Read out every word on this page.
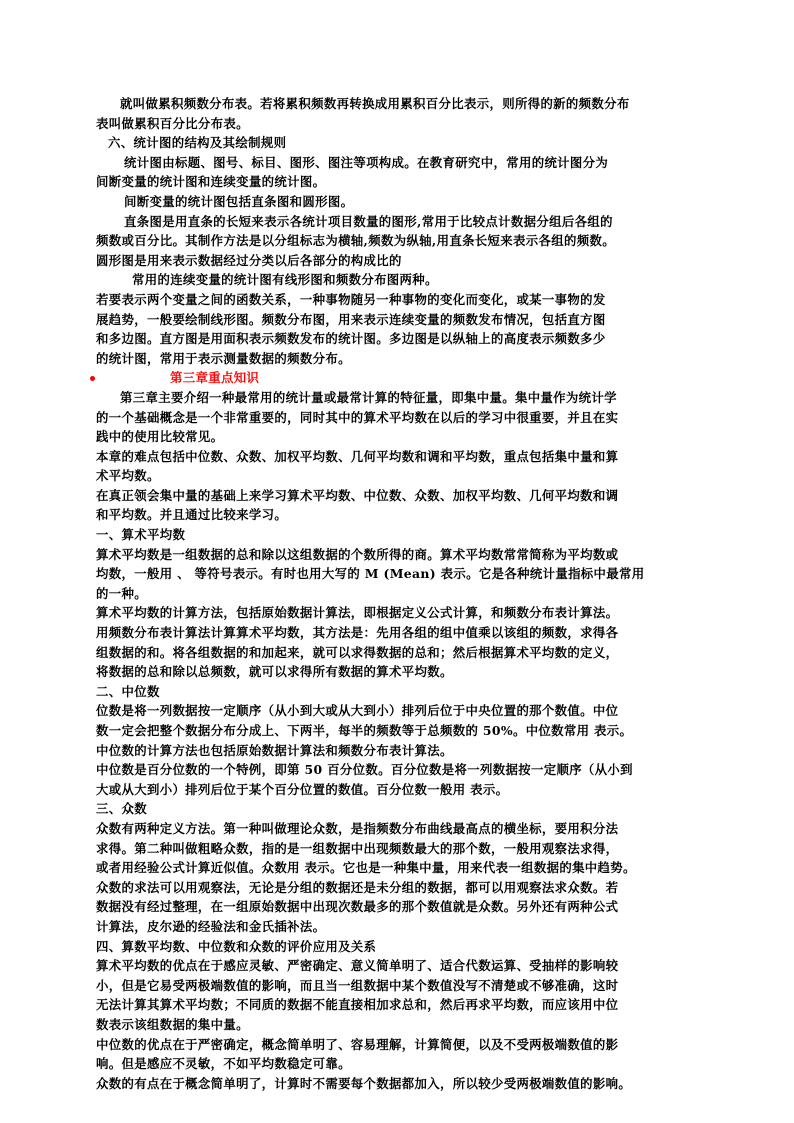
就叫做累积频数分布表。若将累积频数再转换成用累积百分比表示，则所得的新的频数分布

表叫做累积百分比分布表。

六、统计图的结构及其绘制规则

统计图由标题、图号、标目、图形、图注等项构成。在教育研究中，常用的统计图分为

间断变量的统计图和连续变量的统计图。

间断变量的统计图包括直条图和圆形图。

直条图是用直条的长短来表示各统计项目数量的图形,常用于比较点计数据分组后各组的

频数或百分比。其制作方法是以分组标志为横轴,频数为纵轴,用直条长短来表示各组的频数。

圆形图是用来表示数据经过分类以后各部分的构成比的

常用的连续变量的统计图有线形图和频数分布图两种。

若要表示两个变量之间的函数关系，一种事物随另一种事物的变化而变化，或某一事物的发

展趋势，一般要绘制线形图。频数分布图，用来表示连续变量的频数发布情况，包括直方图

和多边图。直方图是用面积表示频数发布的统计图。多边图是以纵轴上的高度表示频数多少

的统计图，常用于表示测量数据的频数分布。

第三章重点知识

第三章主要介绍一种最常用的统计量或最常计算的特征量，即集中量。集中量作为统计学

的一个基础概念是一个非常重要的，同时其中的算术平均数在以后的学习中很重要，并且在实

践中的使用比较常见。

本章的难点包括中位数、众数、加权平均数、几何平均数和调和平均数，重点包括集中量和算

术平均数。

在真正领会集中量的基础上来学习算术平均数、中位数、众数、加权平均数、几何平均数和调

和平均数。并且通过比较来学习。

一、算术平均数

算术平均数是一组数据的总和除以这组数据的个数所得的商。算术平均数常常简称为平均数或

均数，一般用 、 等符号表示。有时也用大写的 M (Mean) 表示。它是各种统计量指标中最常用

的一种。

算术平均数的计算方法，包括原始数据计算法，即根据定义公式计算，和频数分布表计算法。

用频数分布表计算法计算算术平均数，其方法是：先用各组的组中值乘以该组的频数，求得各

组数据的和。将各组数据的和加起来，就可以求得数据的总和；然后根据算术平均数的定义，

将数据的总和除以总频数，就可以求得所有数据的算术平均数。

二、中位数

位数是将一列数据按一定顺序（从小到大或从大到小）排列后位于中央位置的那个数值。中位

数一定会把整个数据分布分成上、下两半，每半的频数等于总频数的 50%。中位数常用 表示。

中位数的计算方法也包括原始数据计算法和频数分布表计算法。

中位数是百分位数的一个特例，即第 50 百分位数。百分位数是将一列数据按一定顺序（从小到

大或从大到小）排列后位于某个百分位置的数值。百分位数一般用 表示。

三、众数

众数有两种定义方法。第一种叫做理论众数，是指频数分布曲线最高点的横坐标，要用积分法

求得。第二种叫做粗略众数，指的是一组数据中出现频数最大的那个数，一般用观察法求得，

或者用经验公式计算近似值。众数用 表示。它也是一种集中量，用来代表一组数据的集中趋势。

众数的求法可以用观察法，无论是分组的数据还是未分组的数据，都可以用观察法求众数。若

数据没有经过整理，在一组原始数据中出现次数最多的那个数值就是众数。另外还有两种公式

计算法，皮尔逊的经验法和金氏插补法。

四、算数平均数、中位数和众数的评价应用及关系

算术平均数的优点在于感应灵敏、严密确定、意义简单明了、适合代数运算、受抽样的影响较

小，但是它易受两极端数值的影响，而且当一组数据中某个数值没写不清楚或不够准确，这时

无法计算其算术平均数；不同质的数据不能直接相加求总和，然后再求平均数，而应该用中位

数表示该组数据的集中量。

中位数的优点在于严密确定，概念简单明了、容易理解，计算简便，以及不受两极端数值的影

响。但是感应不灵敏，不如平均数稳定可靠。

众数的有点在于概念简单明了，计算时不需要每个数据都加入，所以较少受两极端数值的影响。
